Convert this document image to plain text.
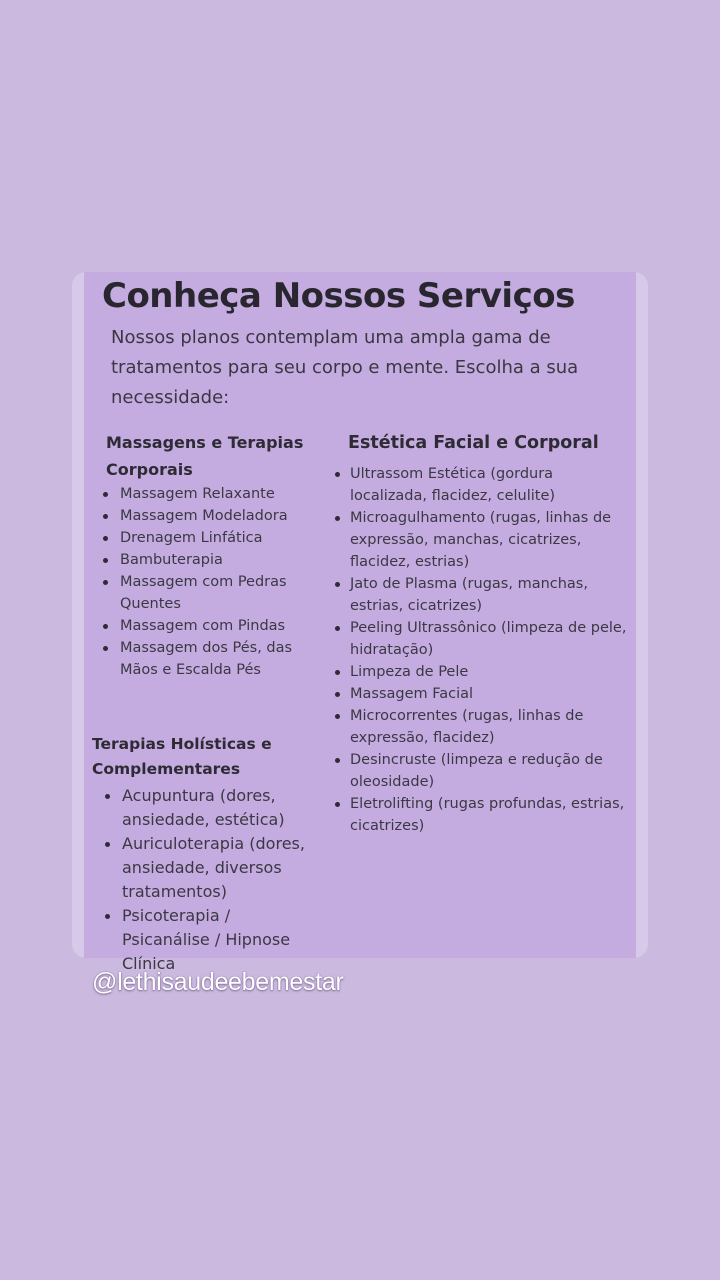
Conheça Nossos Serviços

Nossos planos contemplam uma ampla gama de tratamentos para seu corpo e mente. Escolha a sua necessidade:

Massagens e Terapias Corporais
Massagem Relaxante
Massagem Modeladora
Drenagem Linfática
Bambuterapia
Massagem com Pedras Quentes
Massagem com Pindas
Massagem dos Pés, das Mãos e Escalda Pés
Estética Facial e Corporal
Ultrassom Estética (gordura localizada, flacidez, celulite)
Microagulhamento (rugas, linhas de expressão, manchas, cicatrizes, flacidez, estrias)
Jato de Plasma (rugas, manchas, estrias, cicatrizes)
Peeling Ultrassônico (limpeza de pele, hidratação)
Limpeza de Pele
Massagem Facial
Microcorrentes (rugas, linhas de expressão, flacidez)
Desincruste (limpeza e redução de oleosidade)
Eletrolifting (rugas profundas, estrias, cicatrizes)
Terapias Holísticas e Complementares
Acupuntura (dores, ansiedade, estética)
Auriculoterapia (dores, ansiedade, diversos tratamentos)
Psicoterapia / Psicanálise / Hipnose Clínica

@lethisaudeebemestar
